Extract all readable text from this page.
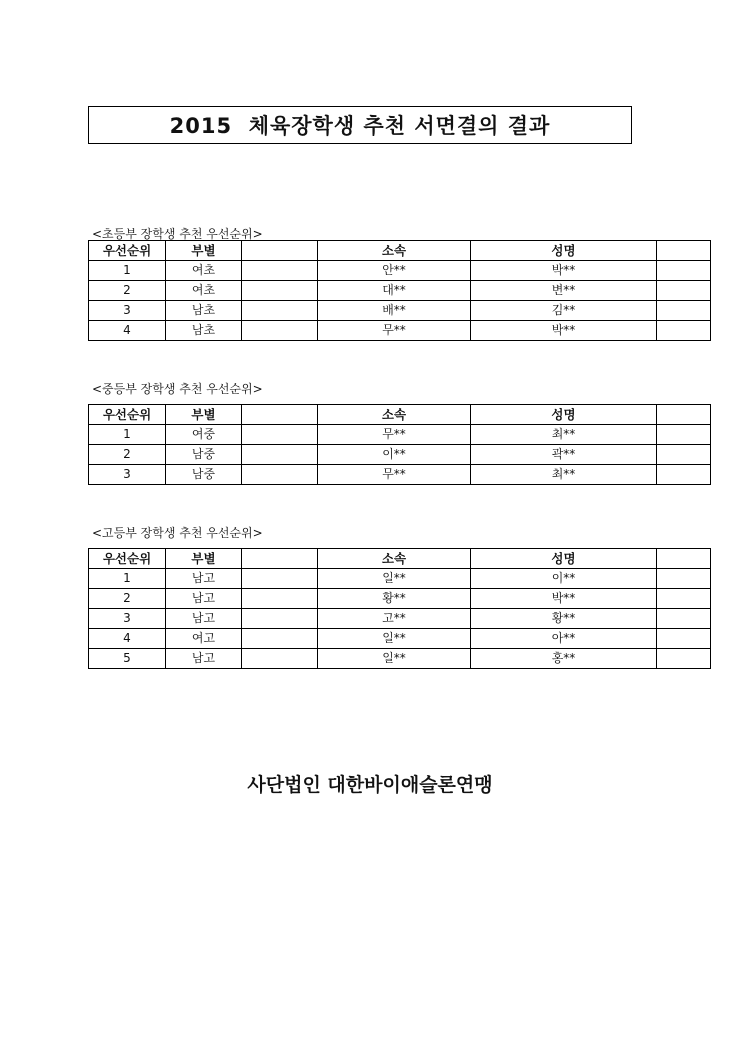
2015  체육장학생 추천 서면결의 결과
<초등부 장학생 추천 우선순위>
우선순위	부별		소속	성명	
1	여초		안**	박**	
2	여초		대**	변**	
3	남초		배**	김**	
4	남초		무**	박**	
<중등부 장학생 추천 우선순위>
우선순위	부별		소속	성명	
1	여중		무**	최**	
2	남중		이**	곽**	
3	남중		무**	최**	
<고등부 장학생 추천 우선순위>
우선순위	부별		소속	성명	
1	남고		일**	이**	
2	남고		황**	박**	
3	남고		고**	황**	
4	여고		일**	아**	
5	남고		일**	홍**	
사단법인 대한바이애슬론연맹
